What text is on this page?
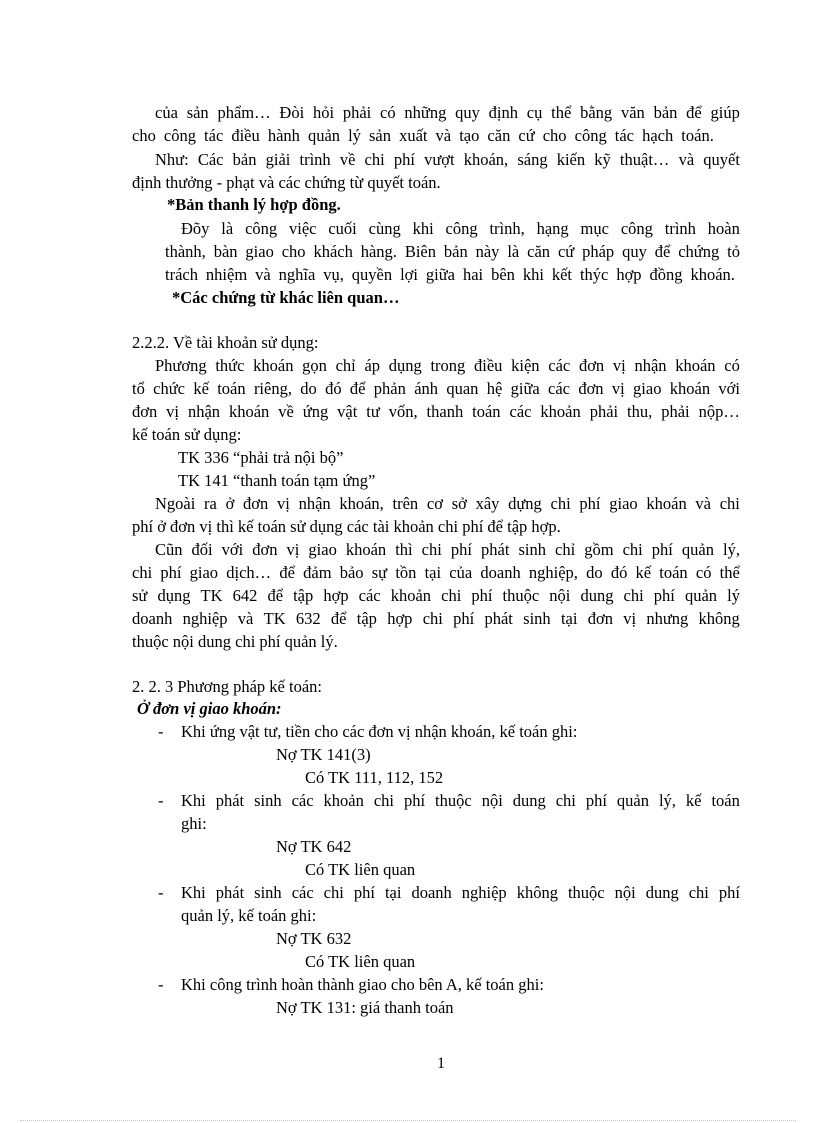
của sản phẩm… Đòi hỏi phải có những quy định cụ thể bằng văn bản để giúp
cho công tác điều hành quản lý sản xuất và tạo căn cứ cho công tác hạch toán.
Như: Các bản giải trình về chi phí vượt khoán, sáng kiến kỹ thuật… và quyết
định thưởng - phạt và các chứng từ quyết toán.
*Bản thanh lý hợp đồng.
Đõy là công việc cuối cùng khi công trình, hạng mục công trình hoàn
thành, bàn giao cho khách hàng. Biên bản này là căn cứ pháp quy để chứng tỏ
trách nhiệm và nghĩa vụ, quyền lợi giữa hai bên khi kết thýc hợp đồng khoán.
*Các chứng từ khác liên quan…
2.2.2. Về tài khoản sử dụng:
Phương thức khoán gọn chỉ áp dụng trong điều kiện các đơn vị nhận khoán có
tổ chức kế toán riêng, do đó để phản ánh quan hệ giữa các đơn vị giao khoán với
đơn vị nhận khoán về ứng vật tư vốn, thanh toán các khoản phải thu, phải nộp…
kế toán sử dụng:
TK 336 “phải trả nội bộ”
TK 141 “thanh toán tạm ứng”
Ngoài ra ở đơn vị nhận khoán, trên cơ sở xây dựng chi phí giao khoán và chi
phí ở đơn vị thì kế toán sử dụng các tài khoản chi phí để tập hợp.
Cũn đối với đơn vị giao khoán thì chi phí phát sinh chỉ gồm chi phí quản lý,
chi phí giao dịch… để đảm bảo sự tồn tại của doanh nghiệp, do đó kế toán có thể
sử dụng TK 642 để tập hợp các khoản chi phí thuộc nội dung chi phí quản lý
doanh nghiệp và TK 632 để tập hợp chi phí phát sinh tại đơn vị nhưng không
thuộc nội dung chi phí quản lý.
2. 2. 3 Phương pháp kế toán:
Ở đơn vị giao khoán:
- Khi ứng vật tư, tiền cho các đơn vị nhận khoán, kế toán ghi:
Nợ TK 141(3)
Có TK 111, 112, 152
- Khi phát sinh các khoản chi phí thuộc nội dung chi phí quản lý, kế toán
ghi:
Nợ TK 642
Có TK liên quan
- Khi phát sinh các chi phí tại doanh nghiệp không thuộc nội dung chi phí
quản lý, kế toán ghi:
Nợ TK 632
Có TK liên quan
- Khi công trình hoàn thành giao cho bên A, kế toán ghi:
Nợ TK 131: giá thanh toán
1
